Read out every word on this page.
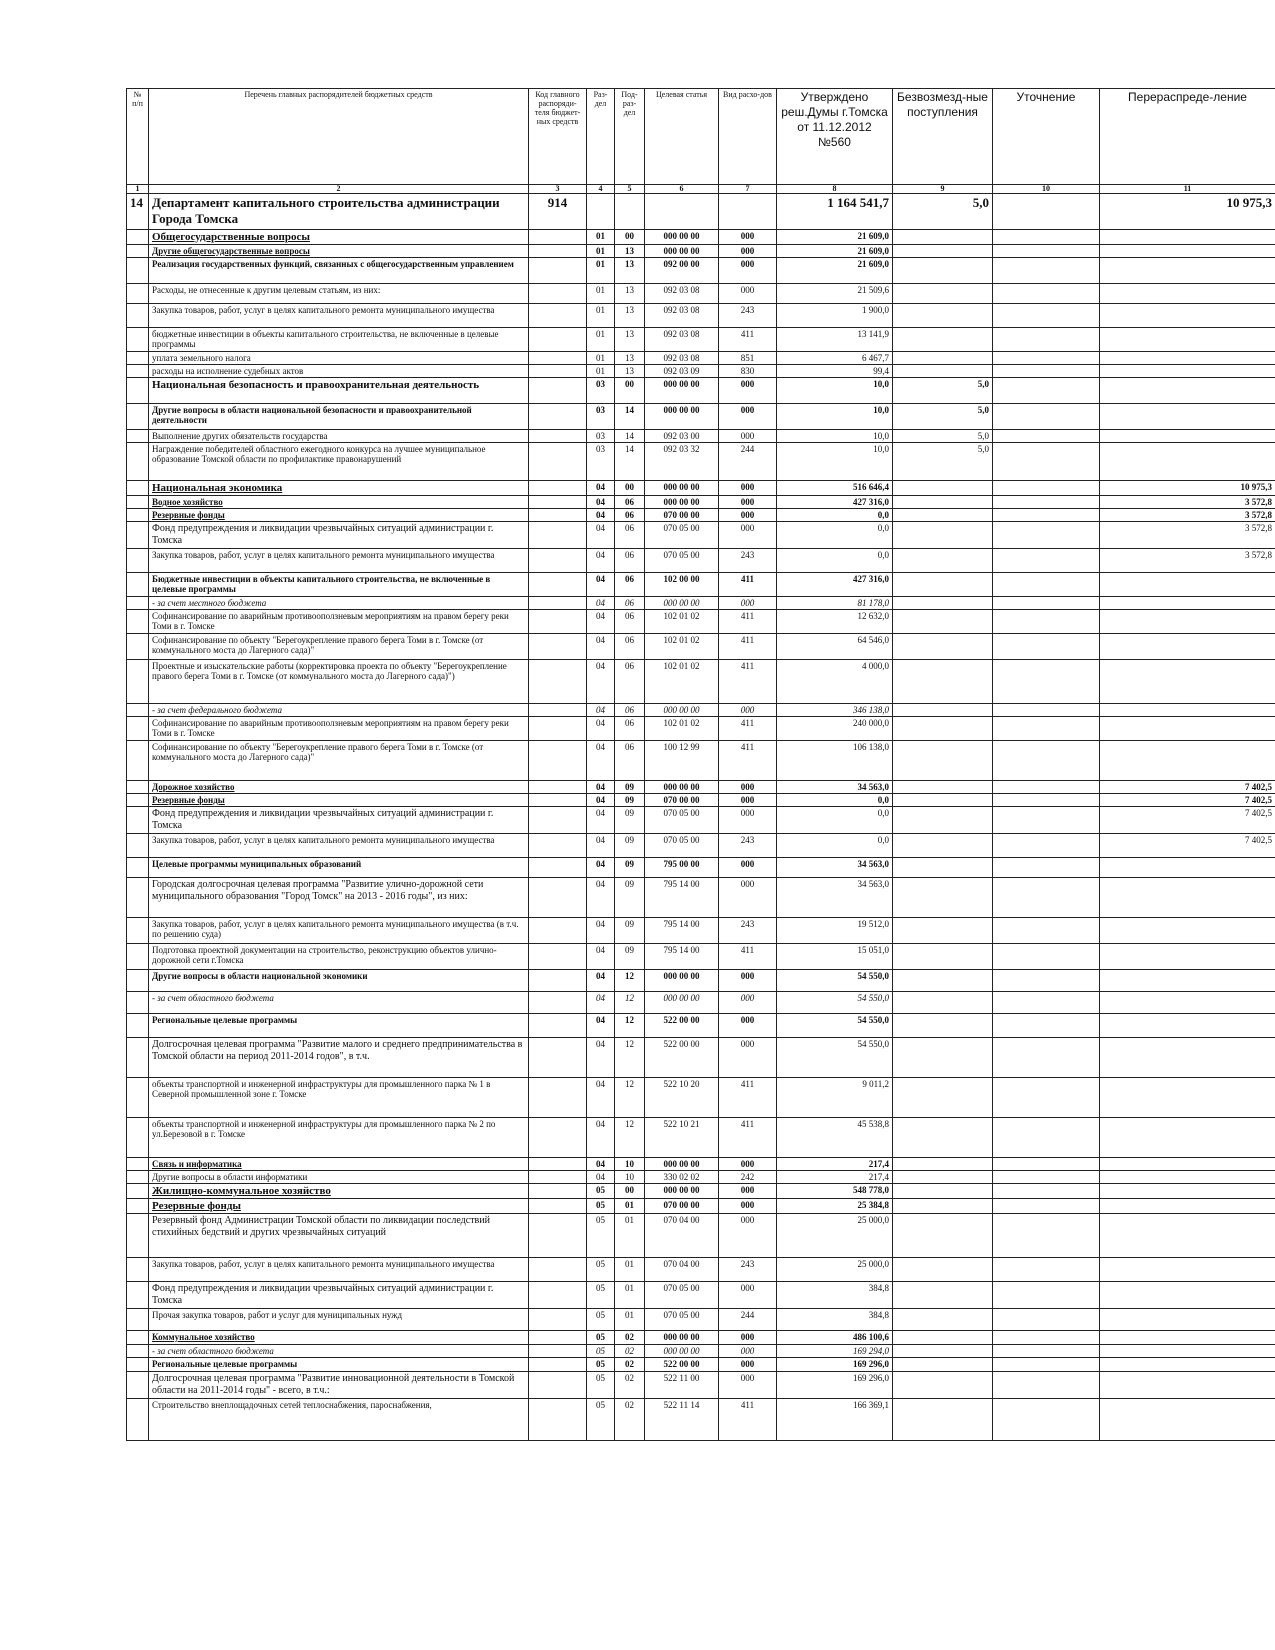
№ п/п	Перечень главных распорядителей бюджетных средств	Код главного распоряди-теля бюджет-ных средств	Раз-дел	Под-раз-дел	Целевая статья	Вид расхо-дов	Утверждено реш.Думы г.Томска от 11.12.2012 №560	Безвозмезд-ные поступления	Уточнение	Перераспреде-ление
1	2	3	4	5	6	7	8	9	10	11
14	Департамент капитального строительства администрации Города Томска	914					1 164 541,7	5,0		10 975,3
	Общегосударственные вопросы		01	00	000 00 00	000	21 609,0			
	Другие общегосударственные вопросы		01	13	000 00 00	000	21 609,0			
	Реализация государственных функций, связанных с общегосударственным управлением		01	13	092 00 00	000	21 609,0			
	Расходы, не отнесенные к другим целевым статьям, из них:		01	13	092 03 08	000	21 509,6			
	Закупка товаров, работ, услуг в целях капитального ремонта муниципального имущества		01	13	092 03 08	243	1 900,0			
	бюджетные инвестиции в объекты капитального строительства, не включенные в целевые программы		01	13	092 03 08	411	13 141,9			
	уплата земельного налога		01	13	092 03 08	851	6 467,7			
	расходы на исполнение судебных актов		01	13	092 03 09	830	99,4			
	Национальная безопасность и правоохранительная деятельность		03	00	000 00 00	000	10,0	5,0		
	Другие вопросы в области национальной безопасности и правоохранительной деятельности		03	14	000 00 00	000	10,0	5,0		
	Выполнение других обязательств государства		03	14	092 03 00	000	10,0	5,0		
	Награждение победителей областного ежегодного конкурса на лучшее муниципальное образование Томской области по профилактике правонарушений		03	14	092 03 32	244	10,0	5,0		
	Национальная экономика		04	00	000 00 00	000	516 646,4			10 975,3
	Водное хозяйство		04	06	000 00 00	000	427 316,0			3 572,8
	Резервные фонды		04	06	070 00 00	000	0,0			3 572,8
	Фонд предупреждения и ликвидации чрезвычайных ситуаций администрации г. Томска		04	06	070 05 00	000	0,0			3 572,8
	Закупка товаров, работ, услуг в целях капитального ремонта муниципального имущества		04	06	070 05 00	243	0,0			3 572,8
	Бюджетные инвестиции в объекты капитального строительства, не включенные в целевые программы		04	06	102 00 00	411	427 316,0			
	- за счет местного бюджета		04	06	000 00 00	000	81 178,0			
	Софинансирование по аварийным противооползневым мероприятиям на правом берегу реки Томи в г. Томске		04	06	102 01 02	411	12 632,0			
	Софинансирование по объекту "Берегоукрепление правого берега Томи в г. Томске (от коммунального моста до Лагерного сада)"		04	06	102 01 02	411	64 546,0			
	Проектные и изыскательские работы (корректировка проекта по объекту "Берегоукрепление правого берега Томи в г. Томске (от коммунального моста до Лагерного сада)")		04	06	102 01 02	411	4 000,0			
	- за счет федерального бюджета		04	06	000 00 00	000	346 138,0			
	Софинансирование по аварийным противооползневым мероприятиям на правом берегу реки Томи в г. Томске		04	06	102 01 02	411	240 000,0			
	Софинансирование по объекту "Берегоукрепление правого берега Томи в г. Томске (от коммунального моста до Лагерного сада)"		04	06	100 12 99	411	106 138,0			
	Дорожное хозяйство		04	09	000 00 00	000	34 563,0			7 402,5
	Резервные фонды		04	09	070 00 00	000	0,0			7 402,5
	Фонд предупреждения и ликвидации чрезвычайных ситуаций администрации г. Томска		04	09	070 05 00	000	0,0			7 402,5
	Закупка товаров, работ, услуг в целях капитального ремонта муниципального имущества		04	09	070 05 00	243	0,0			7 402,5
	Целевые программы муниципальных образований		04	09	795 00 00	000	34 563,0			
	Городская долгосрочная целевая программа "Развитие улично-дорожной сети муниципального образования "Город Томск" на 2013 - 2016 годы", из них:		04	09	795 14 00	000	34 563,0			
	Закупка товаров, работ, услуг в целях капитального ремонта муниципального имущества (в т.ч. по решению суда)		04	09	795 14 00	243	19 512,0			
	Подготовка проектной документации на строительство, реконструкцию объектов улично-дорожной сети г.Томска		04	09	795 14 00	411	15 051,0			
	Другие вопросы в области национальной экономики		04	12	000 00 00	000	54 550,0			
	- за счет областного бюджета		04	12	000 00 00	000	54 550,0			
	Региональные целевые программы		04	12	522 00 00	000	54 550,0			
	Долгосрочная целевая программа "Развитие малого и среднего предпринимательства в Томской области на период 2011-2014 годов", в т.ч.		04	12	522 00 00	000	54 550,0			
	объекты транспортной и инженерной инфраструктуры для промышленного парка № 1 в Северной промышленной зоне г. Томске		04	12	522 10 20	411	9 011,2			
	объекты транспортной и инженерной инфраструктуры для промышленного парка № 2 по ул.Березовой в г. Томске		04	12	522 10 21	411	45 538,8			
	Связь и информатика		04	10	000 00 00	000	217,4			
	Другие вопросы в области информатики		04	10	330 02 02	242	217,4			
	Жилищно-коммунальное хозяйство		05	00	000 00 00	000	548 778,0			
	Резервные фонды		05	01	070 00 00	000	25 384,8			
	Резервный фонд Администрации Томской области по ликвидации последствий стихийных бедствий и других чрезвычайных ситуаций		05	01	070 04 00	000	25 000,0			
	Закупка товаров, работ, услуг в целях капитального ремонта муниципального имущества		05	01	070 04 00	243	25 000,0			
	Фонд предупреждения и ликвидации чрезвычайных ситуаций администрации г. Томска		05	01	070 05 00	000	384,8			
	Прочая закупка товаров, работ и услуг для муниципальных нужд		05	01	070 05 00	244	384,8			
	Коммунальное хозяйство		05	02	000 00 00	000	486 100,6			
	- за счет областного бюджета		05	02	000 00 00	000	169 294,0			
	Региональные целевые программы		05	02	522 00 00	000	169 296,0			
	Долгосрочная целевая программа "Развитие инновационной деятельности в Томской области на 2011-2014 годы" - всего, в т.ч.:		05	02	522 11 00	000	169 296,0			
	Строительство внеплощадочных сетей теплоснабжения, пароснабжения,		05	02	522 11 14	411	166 369,1			
